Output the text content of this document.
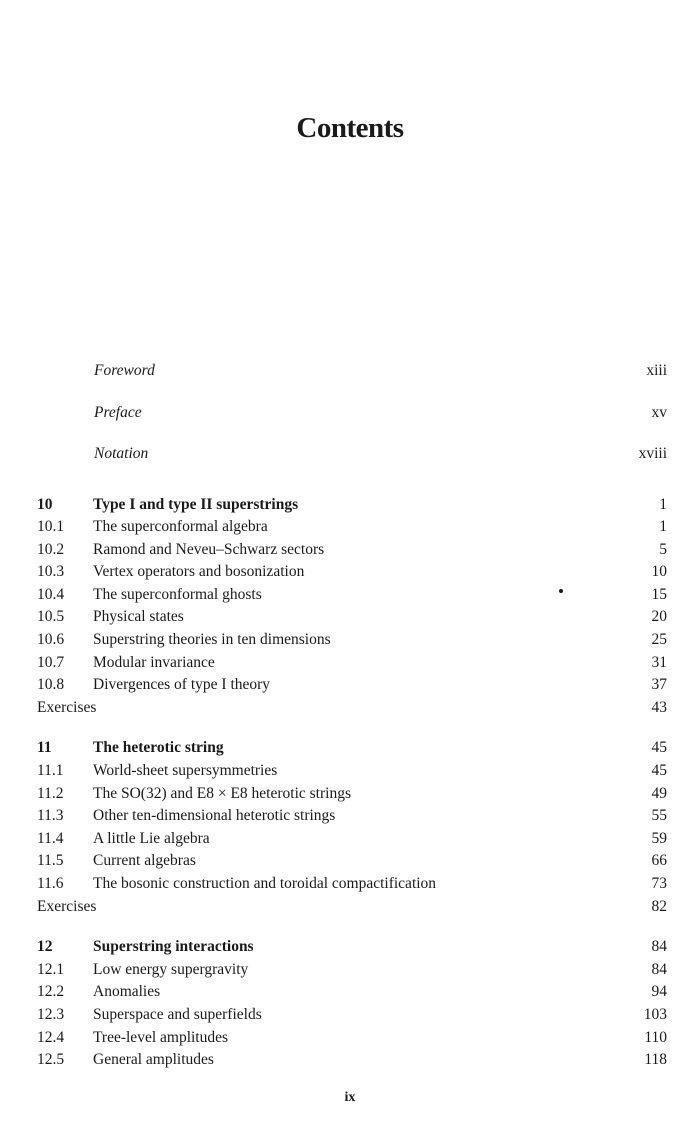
Contents
Foreword	xiii
Preface	xv
Notation	xviii
10	Type I and type II superstrings	1
10.1 The superconformal algebra	1
10.2 Ramond and Neveu–Schwarz sectors	5
10.3 Vertex operators and bosonization	10
10.4 The superconformal ghosts	15
10.5 Physical states	20
10.6 Superstring theories in ten dimensions	25
10.7 Modular invariance	31
10.8 Divergences of type I theory	37
Exercises	43
11	The heterotic string	45
11.1 World-sheet supersymmetries	45
11.2 The SO(32) and E8 × E8 heterotic strings	49
11.3 Other ten-dimensional heterotic strings	55
11.4 A little Lie algebra	59
11.5 Current algebras	66
11.6 The bosonic construction and toroidal compactification	73
Exercises	82
12	Superstring interactions	84
12.1 Low energy supergravity	84
12.2 Anomalies	94
12.3 Superspace and superfields	103
12.4 Tree-level amplitudes	110
12.5 General amplitudes	118
ix
